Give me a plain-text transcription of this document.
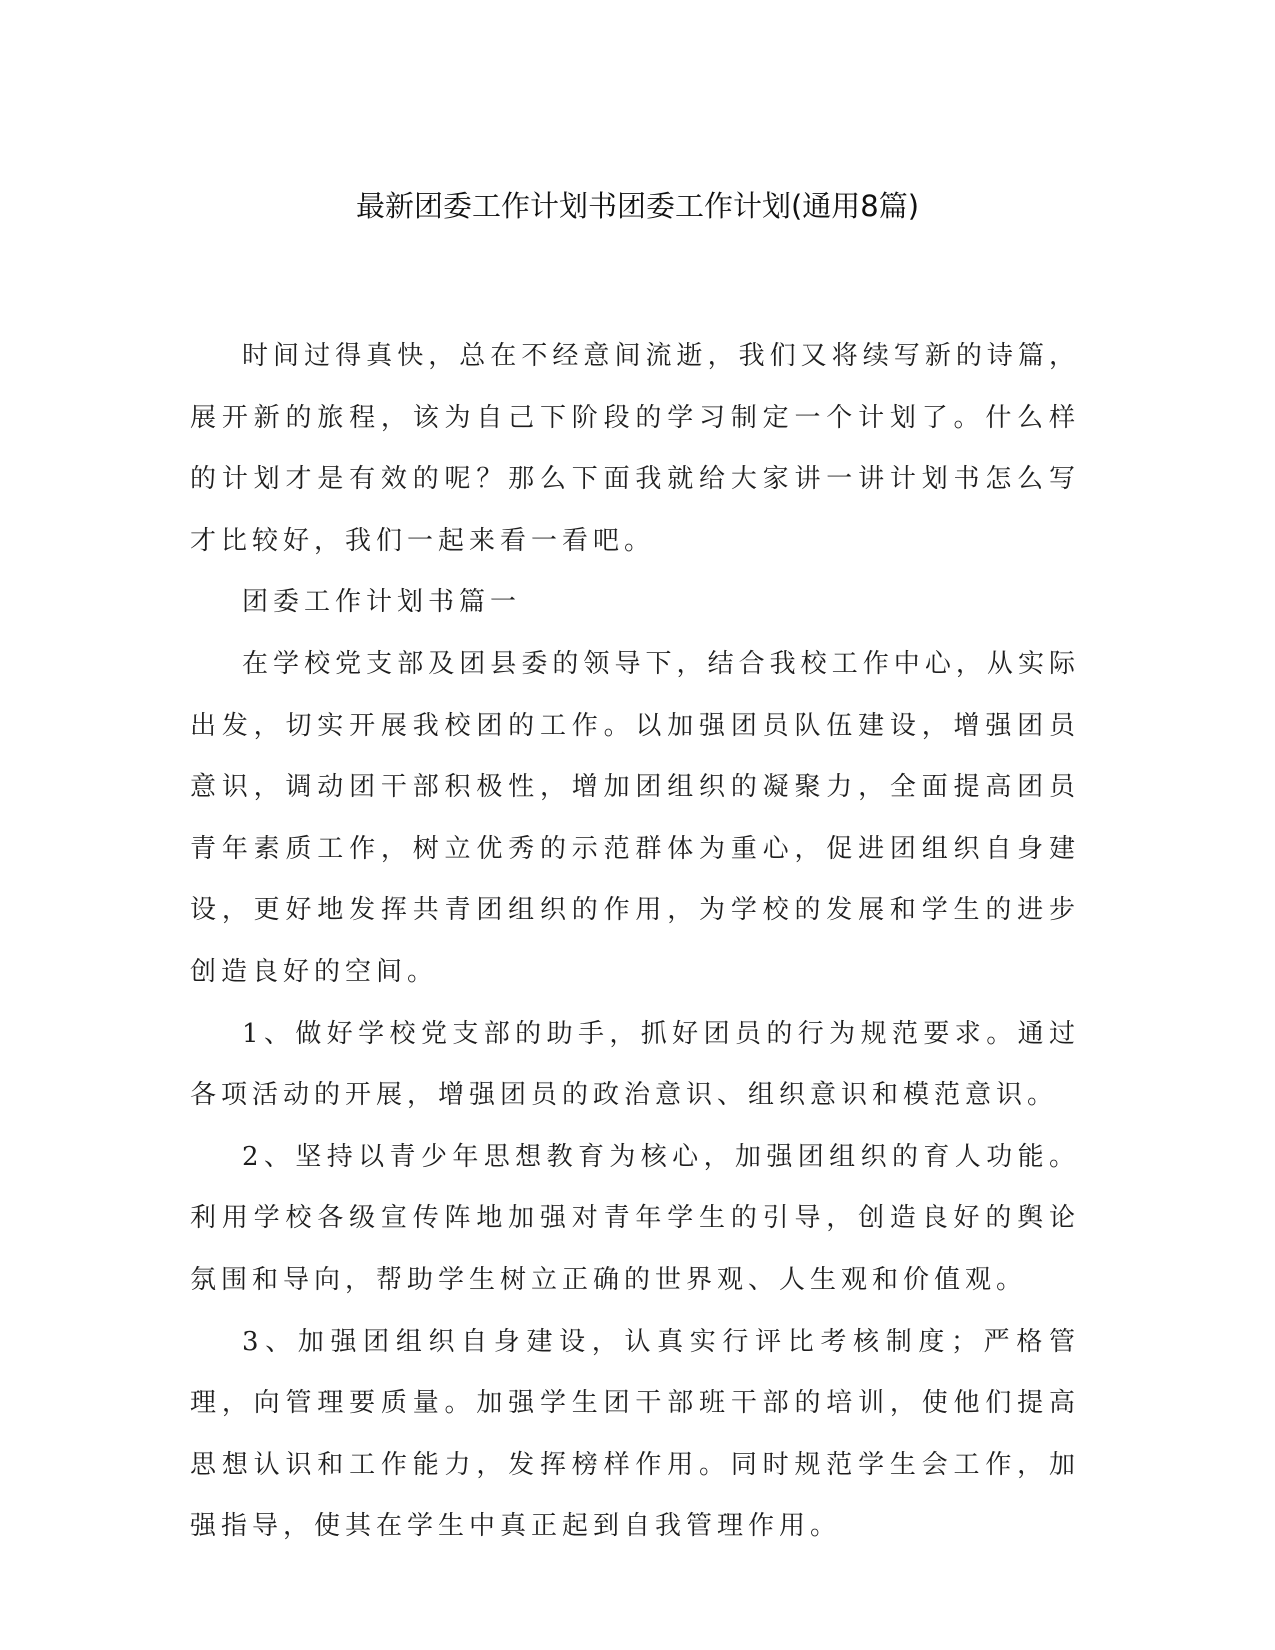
最新团委工作计划书团委工作计划(通用8篇)

时间过得真快，总在不经意间流逝，我们又将续写新的诗篇，展开新的旅程，该为自己下阶段的学习制定一个计划了。什么样的计划才是有效的呢？那么下面我就给大家讲一讲计划书怎么写才比较好，我们一起来看一看吧。

团委工作计划书篇一

在学校党支部及团县委的领导下，结合我校工作中心，从实际出发，切实开展我校团的工作。以加强团员队伍建设，增强团员意识，调动团干部积极性，增加团组织的凝聚力，全面提高团员青年素质工作，树立优秀的示范群体为重心，促进团组织自身建设，更好地发挥共青团组织的作用，为学校的发展和学生的进步创造良好的空间。

1、做好学校党支部的助手，抓好团员的行为规范要求。通过各项活动的开展，增强团员的政治意识、组织意识和模范意识。

2、坚持以青少年思想教育为核心，加强团组织的育人功能。利用学校各级宣传阵地加强对青年学生的引导，创造良好的舆论氛围和导向，帮助学生树立正确的世界观、人生观和价值观。

3、加强团组织自身建设，认真实行评比考核制度；严格管理，向管理要质量。加强学生团干部班干部的培训，使他们提高思想认识和工作能力，发挥榜样作用。同时规范学生会工作，加强指导，使其在学生中真正起到自我管理作用。
